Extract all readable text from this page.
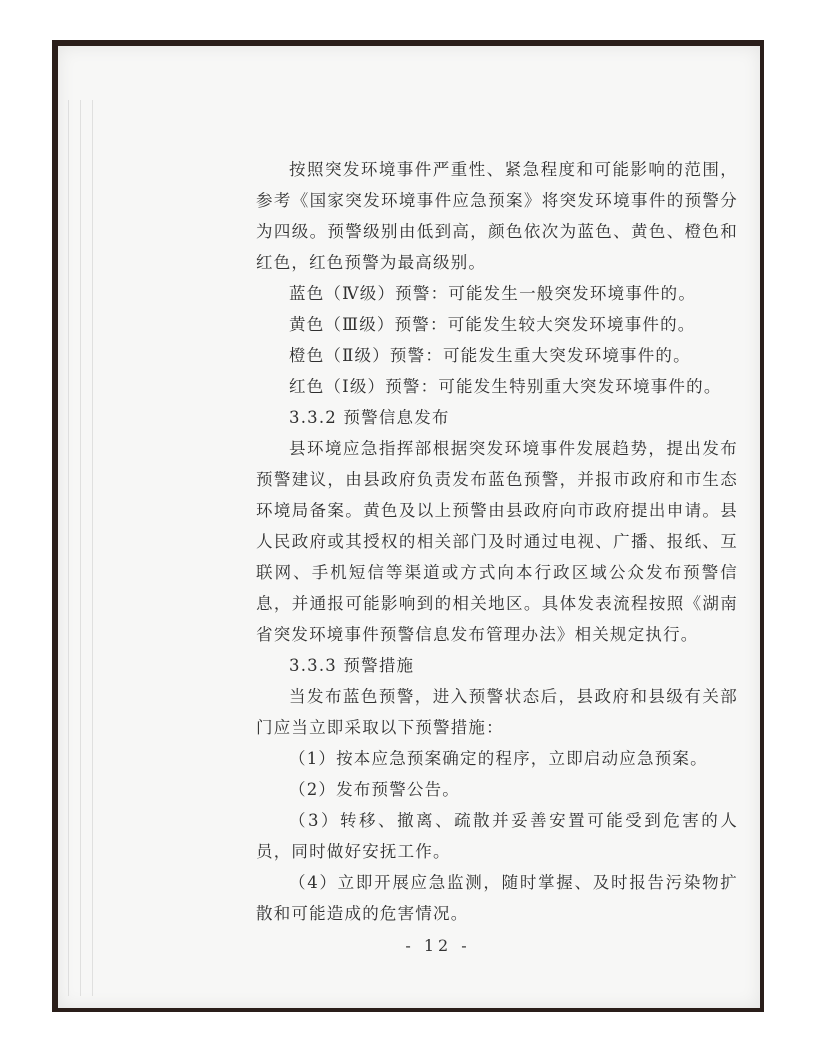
按照突发环境事件严重性、紧急程度和可能影响的范围，参考《国家突发环境事件应急预案》将突发环境事件的预警分为四级。预警级别由低到高，颜色依次为蓝色、黄色、橙色和红色，红色预警为最高级别。

蓝色（Ⅳ级）预警：可能发生一般突发环境事件的。

黄色（Ⅲ级）预警：可能发生较大突发环境事件的。

橙色（Ⅱ级）预警：可能发生重大突发环境事件的。

红色（Ⅰ级）预警：可能发生特别重大突发环境事件的。

3.3.2 预警信息发布

县环境应急指挥部根据突发环境事件发展趋势，提出发布预警建议，由县政府负责发布蓝色预警，并报市政府和市生态环境局备案。黄色及以上预警由县政府向市政府提出申请。县人民政府或其授权的相关部门及时通过电视、广播、报纸、互联网、手机短信等渠道或方式向本行政区域公众发布预警信息，并通报可能影响到的相关地区。具体发表流程按照《湖南省突发环境事件预警信息发布管理办法》相关规定执行。

3.3.3 预警措施

当发布蓝色预警，进入预警状态后，县政府和县级有关部门应当立即采取以下预警措施：

（1）按本应急预案确定的程序，立即启动应急预案。

（2）发布预警公告。

（3）转移、撤离、疏散并妥善安置可能受到危害的人员，同时做好安抚工作。

（4）立即开展应急监测，随时掌握、及时报告污染物扩散和可能造成的危害情况。

- 12 -
